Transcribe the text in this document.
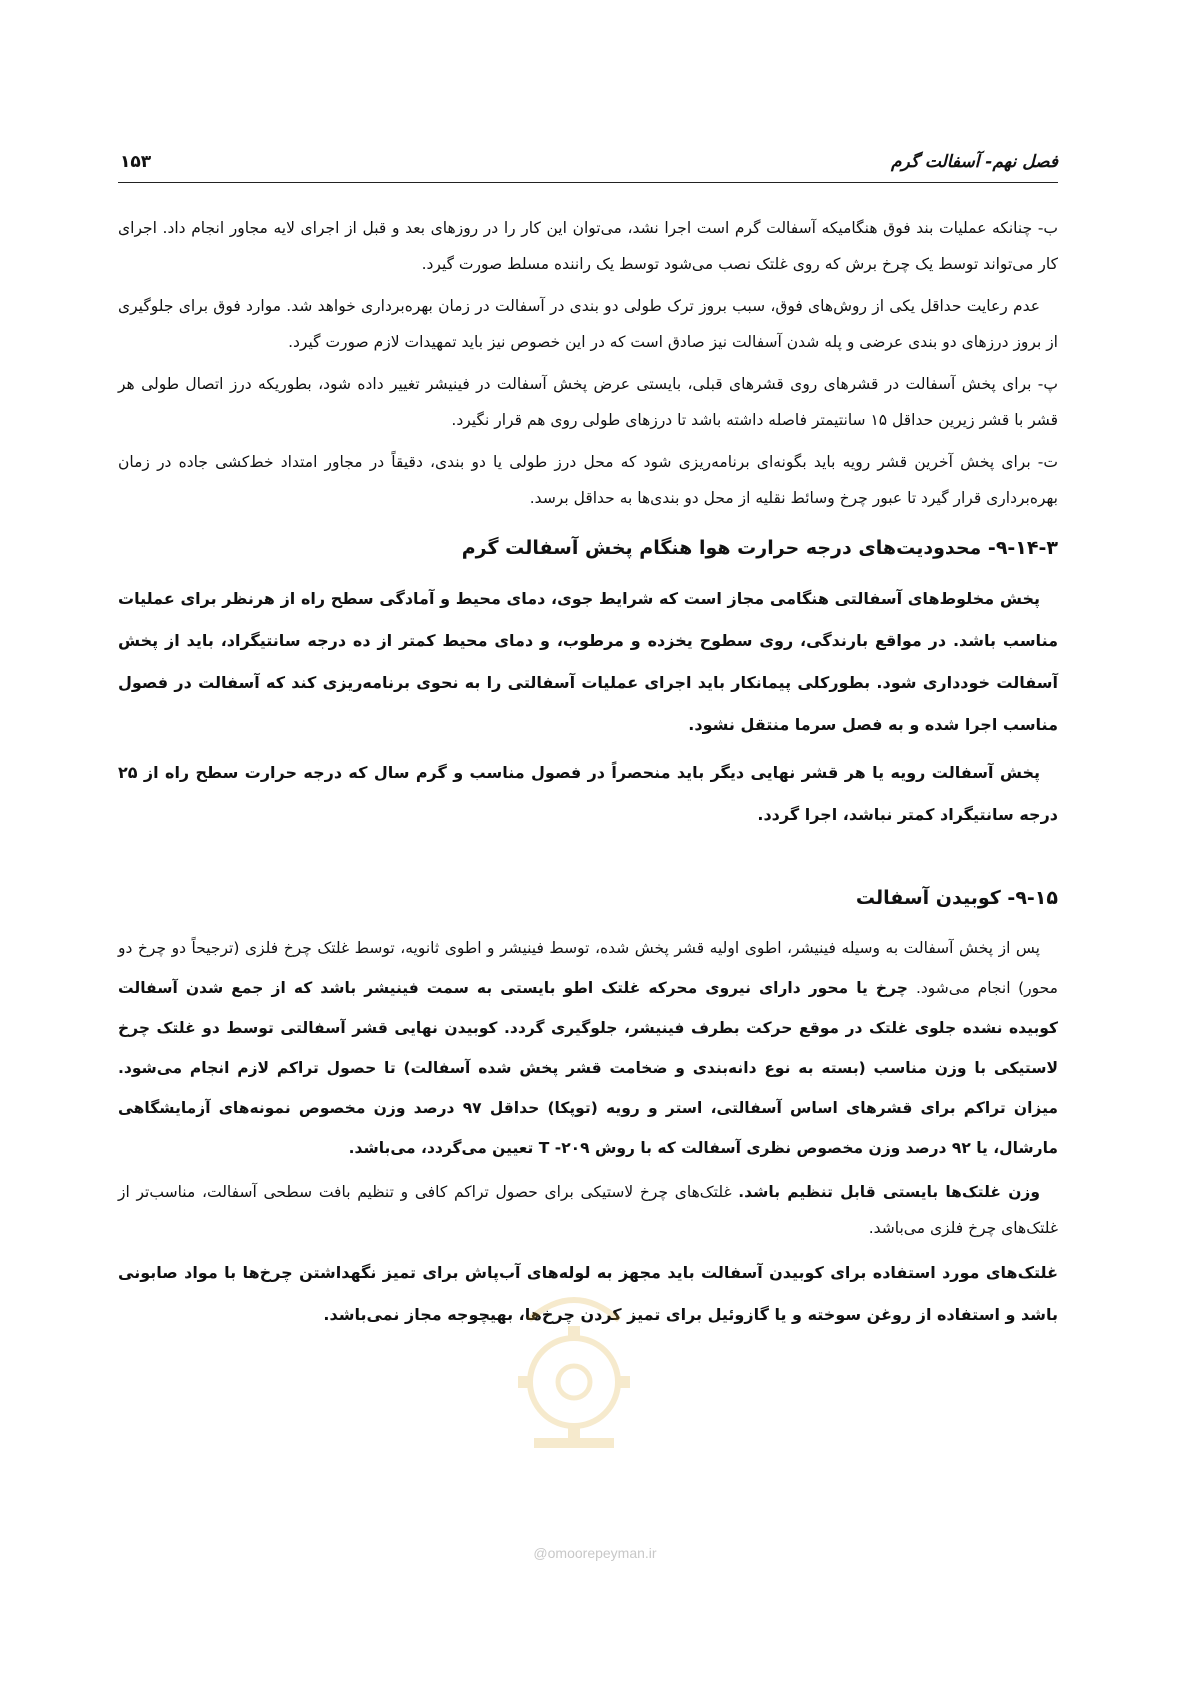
فصل نهم- آسفالت گرم
۱۵۳

ب- چنانکه عملیات بند فوق هنگامیکه آسفالت گرم است اجرا نشد، می‌توان این کار را در روزهای بعد و قبل از اجرای لایه مجاور انجام داد. اجرای کار می‌تواند توسط یک چرخ برش که روی غلتک نصب می‌شود توسط یک راننده مسلط صورت گیرد.

عدم رعایت حداقل یکی از روش‌های فوق، سبب بروز ترک طولی دو بندی در آسفالت در زمان بهره‌برداری خواهد شد. موارد فوق برای جلوگیری از بروز درزهای دو بندی عرضی و پله شدن آسفالت نیز صادق است که در این خصوص نیز باید تمهیدات لازم صورت گیرد.

پ- برای پخش آسفالت در قشرهای روی قشرهای قبلی، بایستی عرض پخش آسفالت در فینیشر تغییر داده شود، بطوریکه درز اتصال طولی هر قشر با قشر زیرین حداقل ۱۵ سانتیمتر فاصله داشته باشد تا درزهای طولی روی هم قرار نگیرد.

ت- برای پخش آخرین قشر رویه باید بگونه‌ای برنامه‌ریزی شود که محل درز طولی یا دو بندی، دقیقاً در مجاور امتداد خط‌کشی جاده در زمان بهره‌برداری قرار گیرد تا عبور چرخ وسائط نقلیه از محل دو بندی‌ها به حداقل برسد.

۹-۱۴-۳- محدودیت‌های درجه حرارت هوا هنگام پخش آسفالت گرم

پخش مخلوط‌های آسفالتی هنگامی مجاز است که شرایط جوی، دمای محیط و آمادگی سطح راه از هرنظر برای عملیات مناسب باشد. در مواقع بارندگی، روی سطوح یخزده و مرطوب، و دمای محیط کمتر از ده درجه سانتیگراد، باید از پخش آسفالت خودداری شود. بطورکلی پیمانکار باید اجرای عملیات آسفالتی را به نحوی برنامه‌ریزی کند که آسفالت در فصول مناسب اجرا شده و به فصل سرما منتقل نشود.

پخش آسفالت رویه یا هر قشر نهایی دیگر باید منحصراً در فصول مناسب و گرم سال که درجه حرارت سطح راه از ۲۵ درجه سانتیگراد کمتر نباشد، اجرا گردد.

۹-۱۵- کوبیدن آسفالت

پس از پخش آسفالت به وسیله فینیشر، اطوی اولیه قشر پخش شده، توسط فینیشر و اطوی ثانویه، توسط غلتک چرخ فلزی (ترجیحاً دو چرخ دو محور) انجام می‌شود. چرخ یا محور دارای نیروی محرکه غلتک اطو بایستی به سمت فینیشر باشد که از جمع شدن آسفالت کوبیده نشده جلوی غلتک در موقع حرکت بطرف فینیشر، جلوگیری گردد. کوبیدن نهایی قشر آسفالتی توسط دو غلتک چرخ لاستیکی با وزن مناسب (بسته به نوع دانه‌بندی و ضخامت قشر پخش شده آسفالت) تا حصول تراکم لازم انجام می‌شود. میزان تراکم برای قشرهای اساس آسفالتی، استر و رویه (توپکا) حداقل ۹۷ درصد وزن مخصوص نمونه‌های آزمایشگاهی مارشال، یا ۹۲ درصد وزن مخصوص نظری آسفالت که با روش ۲۰۹- T تعیین می‌گردد، می‌باشد.

وزن غلتک‌ها بایستی قابل تنظیم باشد. غلتک‌های چرخ لاستیکی برای حصول تراکم کافی و تنظیم بافت سطحی آسفالت، مناسب‌تر از غلتک‌های چرخ فلزی می‌باشد.

غلتک‌های مورد استفاده برای کوبیدن آسفالت باید مجهز به لوله‌های آب‌پاش برای تمیز نگهداشتن چرخ‌ها با مواد صابونی باشد و استفاده از روغن سوخته و یا گازوئیل برای تمیز کردن چرخ‌ها، بهیچوجه مجاز نمی‌باشد.

@omoorepeyman.ir
